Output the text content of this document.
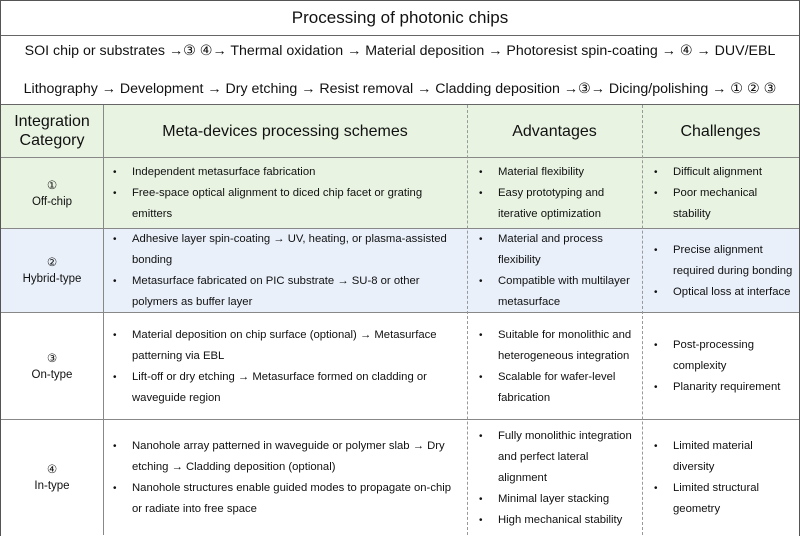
Processing of photonic chips
SOI chip or substrates →③ ④→ Thermal oxidation → Material deposition → Photoresist spin-coating → ④ → DUV/EBL
Lithography → Development → Dry etching → Resist removal → Cladding deposition →③→ Dicing/polishing → ① ② ③
Integration Category
Meta-devices processing schemes	Advantages	Challenges
①
Off-chip
• Independent metasurface fabrication
• Free-space optical alignment to diced chip facet or grating emitters
• Material flexibility
• Easy prototyping and iterative optimization
• Difficult alignment
• Poor mechanical stability
②
Hybrid-type
• Adhesive layer spin-coating → UV, heating, or plasma-assisted bonding
• Metasurface fabricated on PIC substrate → SU-8 or other polymers as buffer layer
• Material and process flexibility
• Compatible with multilayer metasurface
• Precise alignment required during bonding
• Optical loss at interface
③
On-type
• Material deposition on chip surface (optional) → Metasurface patterning via EBL
• Lift-off or dry etching → Metasurface formed on cladding or waveguide region
• Suitable for monolithic and heterogeneous integration
• Scalable for wafer-level fabrication
• Post-processing complexity
• Planarity requirement
④
In-type
• Nanohole array patterned in waveguide or polymer slab → Dry etching → Cladding deposition (optional)
• Nanohole structures enable guided modes to propagate on-chip or radiate into free space
• Fully monolithic integration and perfect lateral alignment
• Minimal layer stacking
• High mechanical stability
• Limited material diversity
• Limited structural geometry
